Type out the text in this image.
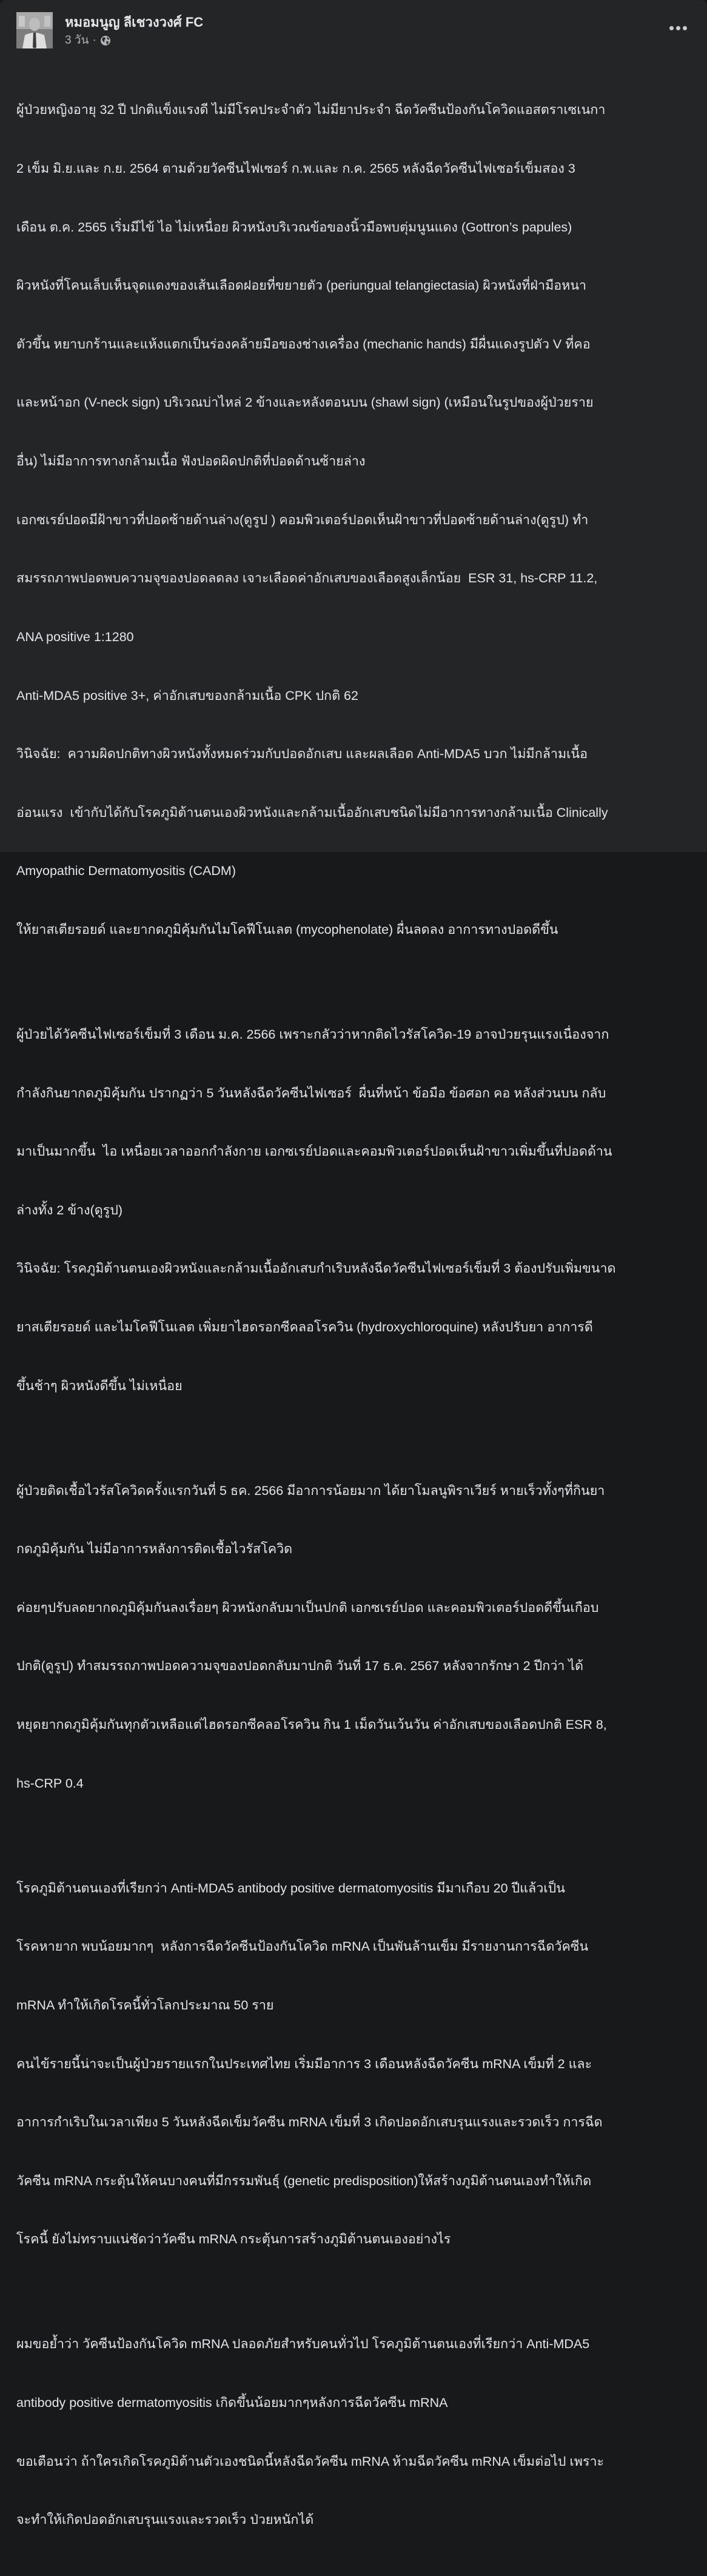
หมอมนูญ ลีเชวงวงศ์ FC
3 วัน ·

ผู้ป่วยหญิงอายุ 32 ปี ปกติแข็งแรงดี ไม่มีโรคประจำตัว ไม่มียาประจำ ฉีดวัคซีนป้องกันโควิดแอสตราเซเนกา

2 เข็ม มิ.ย.และ ก.ย. 2564 ตามด้วยวัคซีนไฟเซอร์ ก.พ.และ ก.ค. 2565 หลังฉีดวัคซีนไฟเซอร์เข็มสอง 3

เดือน ต.ค. 2565 เริ่มมีไข้ ไอ ไม่เหนื่อย ผิวหนังบริเวณข้อของนิ้วมือพบตุ่มนูนแดง (Gottron’s papules)

ผิวหนังที่โคนเล็บเห็นจุดแดงของเส้นเลือดฝอยที่ขยายตัว (periungual telangiectasia) ผิวหนังที่ฝ่ามือหนา

ตัวขึ้น หยาบกร้านและแห้งแตกเป็นร่องคล้ายมือของช่างเครื่อง (mechanic hands) มีผื่นแดงรูปตัว V ที่คอ

และหน้าอก (V-neck sign) บริเวณบ่าไหล่ 2 ข้างและหลังตอนบน (shawl sign) (เหมือนในรูปของผู้ป่วยราย

อื่น) ไม่มีอาการทางกล้ามเนื้อ ฟังปอดผิดปกติที่ปอดด้านซ้ายล่าง

เอกซเรย์ปอดมีฝ้าขาวที่ปอดซ้ายด้านล่าง(ดูรูป ) คอมพิวเตอร์ปอดเห็นฝ้าขาวที่ปอดซ้ายด้านล่าง(ดูรูป) ทำ

สมรรถภาพปอดพบความจุของปอดลดลง เจาะเลือดค่าอักเสบของเลือดสูงเล็กน้อย  ESR 31, hs-CRP 11.2,

ANA positive 1:1280

Anti-MDA5 positive 3+, ค่าอักเสบของกล้ามเนื้อ CPK ปกติ 62

วินิจฉัย:  ความผิดปกติทางผิวหนังทั้งหมดร่วมกับปอดอักเสบ และผลเลือด Anti-MDA5 บวก ไม่มีกล้ามเนื้อ

อ่อนแรง  เข้ากับได้กับโรคภูมิต้านตนเองผิวหนังและกล้ามเนื้ออักเสบชนิดไม่มีอาการทางกล้ามเนื้อ Clinically

Amyopathic Dermatomyositis (CADM)

ให้ยาสเตียรอยด์ และยากดภูมิคุ้มกันไมโคฟีโนเลต (mycophenolate) ผื่นลดลง อาการทางปอดดีขึ้น

ผู้ป่วยได้วัคซีนไฟเซอร์เข็มที่ 3 เดือน ม.ค. 2566 เพราะกลัวว่าหากติดไวรัสโควิด-19 อาจป่วยรุนแรงเนื่องจาก

กำลังกินยากดภูมิคุ้มกัน ปรากฏว่า 5 วันหลังฉีดวัคซีนไฟเซอร์  ผื่นที่หน้า ข้อมือ ข้อศอก คอ หลังส่วนบน กลับ

มาเป็นมากขึ้น  ไอ เหนื่อยเวลาออกกำลังกาย เอกซเรย์ปอดและคอมพิวเตอร์ปอดเห็นฝ้าขาวเพิ่มขึ้นที่ปอดด้าน

ล่างทั้ง 2 ข้าง(ดูรูป)

วินิจฉัย: โรคภูมิต้านตนเองผิวหนังและกล้ามเนื้ออักเสบกำเริบหลังฉีดวัคซีนไฟเซอร์เข็มที่ 3 ต้องปรับเพิ่มขนาด

ยาสเตียรอยด์ และไมโคฟีโนเลต เพิ่มยาไฮดรอกซีคลอโรควิน (hydroxychloroquine) หลังปรับยา อาการดี

ขึ้นช้าๆ ผิวหนังดีขึ้น ไม่เหนื่อย

ผู้ป่วยติดเชื้อไวรัสโควิดครั้งแรกวันที่ 5 ธค. 2566 มีอาการน้อยมาก ได้ยาโมลนูพิราเวียร์ หายเร็วทั้งๆที่กินยา

กดภูมิคุ้มกัน ไม่มีอาการหลังการติดเชื้อไวรัสโควิด

ค่อยๆปรับลดยากดภูมิคุ้มกันลงเรื่อยๆ ผิวหนังกลับมาเป็นปกติ เอกซเรย์ปอด และคอมพิวเตอร์ปอดดีขึ้นเกือบ

ปกติ(ดูรูป) ทำสมรรถภาพปอดความจุของปอดกลับมาปกติ วันที่ 17 ธ.ค. 2567 หลังจากรักษา 2 ปีกว่า ได้

หยุดยากดภูมิคุ้มกันทุกตัวเหลือแต่ไฮดรอกซีคลอโรควิน กิน 1 เม็ดวันเว้นวัน ค่าอักเสบของเลือดปกติ ESR 8,

hs-CRP 0.4

โรคภูมิต้านตนเองที่เรียกว่า Anti-MDA5 antibody positive dermatomyositis มีมาเกือบ 20 ปีแล้วเป็น

โรคหายาก พบน้อยมากๆ  หลังการฉีดวัคซีนป้องกันโควิด mRNA เป็นพันล้านเข็ม มีรายงานการฉีดวัคซีน

mRNA ทำให้เกิดโรคนี้ทั่วโลกประมาณ 50 ราย

คนไข้รายนี้น่าจะเป็นผู้ป่วยรายแรกในประเทศไทย เริ่มมีอาการ 3 เดือนหลังฉีดวัคซีน mRNA เข็มที่ 2 และ

อาการกำเริบในเวลาเพียง 5 วันหลังฉีดเข็มวัคซีน mRNA เข็มที่ 3 เกิดปอดอักเสบรุนแรงและรวดเร็ว การฉีด

วัคซีน mRNA กระตุ้นให้คนบางคนที่มีกรรมพันธุ์ (genetic predisposition)ให้สร้างภูมิต้านตนเองทำให้เกิด

โรคนี้ ยังไม่ทราบแน่ชัดว่าวัคซีน mRNA กระตุ้นการสร้างภูมิต้านตนเองอย่างไร

ผมขอย้ำว่า วัคซีนป้องกันโควิด mRNA ปลอดภัยสำหรับคนทั่วไป โรคภูมิต้านตนเองที่เรียกว่า Anti-MDA5

antibody positive dermatomyositis เกิดขึ้นน้อยมากๆหลังการฉีดวัคซีน mRNA

ขอเตือนว่า ถ้าใครเกิดโรคภูมิต้านตัวเองชนิดนี้หลังฉีดวัคซีน mRNA ห้ามฉีดวัคซีน mRNA เข็มต่อไป เพราะ

จะทำให้เกิดปอดอักเสบรุนแรงและรวดเร็ว ป่วยหนักได้
